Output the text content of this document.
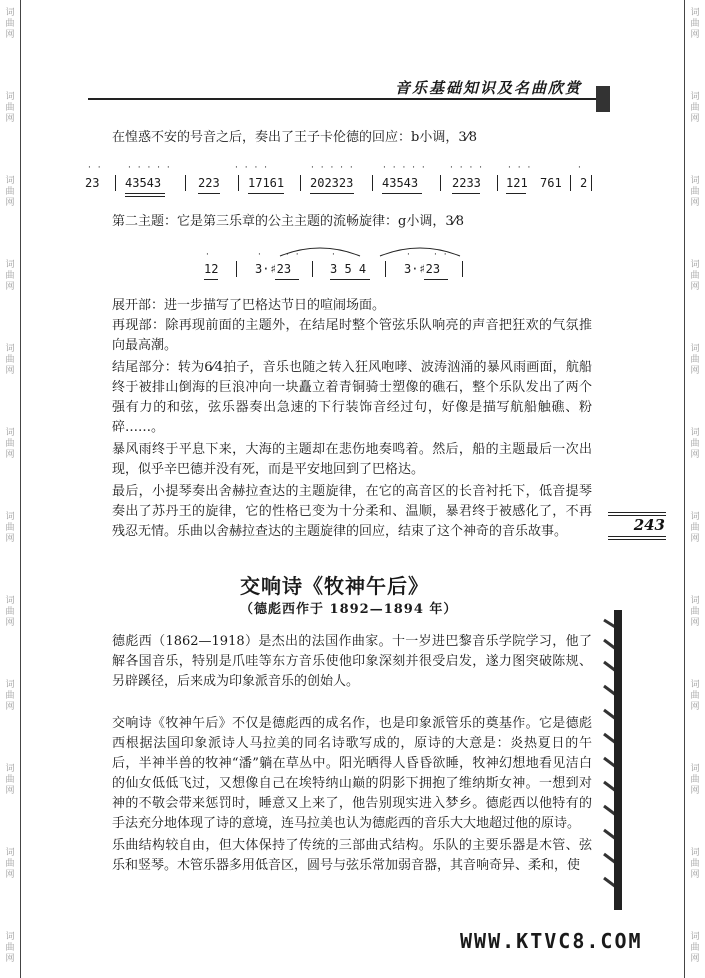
词
曲
网
词
曲
网
词
曲
网
词
曲
网
词
曲
网
词
曲
网
词
曲
网
词
曲
网
词
曲
网
词
曲
网
词
曲
网
词
曲
网
词
曲
网
词
曲
网
词
曲
网
词
曲
网
词
曲
网
词
曲
网
词
曲
网
词
曲
网
词
曲
网
词
曲
网
词
曲
网
词
曲
网
音乐基础知识及名曲欣赏

在惶惑不安的号音之后，奏出了王子卡伦德的回应：b小调，3⁄8

· ·	· · · · ·	· · · ·	· · · · ·	· · · · ·	· · · ·	· · ·	·
23 43543	223 17161 202323 43543	2233 121 761 2

第二主题：它是第三乐章的公主主题的流畅旋律：g小调，3⁄8

·	·	· ·	·	· · ·
12	3·♯23	3 5 4	3·♯23

展开部：进一步描写了巴格达节日的喧闹场面。

再现部：除再现前面的主题外，在结尾时整个管弦乐队响亮的声音把狂欢的气氛推向最高潮。

结尾部分：转为6⁄4拍子，音乐也随之转入狂风咆哮、波涛汹涌的暴风雨画面，航船终于被排山倒海的巨浪冲向一块矗立着青铜骑士塑像的礁石，整个乐队发出了两个强有力的和弦，弦乐器奏出急速的下行装饰音经过句，好像是描写航船触礁、粉碎……。

暴风雨终于平息下来，大海的主题却在悲伤地奏鸣着。然后，船的主题最后一次出现，似乎辛巴德并没有死，而是平安地回到了巴格达。

最后，小提琴奏出舍赫拉查达的主题旋律，在它的高音区的长音衬托下，低音提琴奏出了苏丹王的旋律，它的性格已变为十分柔和、温顺，暴君终于被感化了，不再残忍无情。乐曲以舍赫拉查达的主题旋律的回应，结束了这个神奇的音乐故事。	243
交响诗《牧神午后》
（德彪西作于 1892—1894 年）

德彪西（1862—1918）是杰出的法国作曲家。十一岁进巴黎音乐学院学习，他了解各国音乐，特别是爪哇等东方音乐使他印象深刻并很受启发，遂力图突破陈规、另辟蹊径，后来成为印象派音乐的创始人。

交响诗《牧神午后》不仅是德彪西的成名作，也是印象派管乐的奠基作。它是德彪西根据法国印象派诗人马拉美的同名诗歌写成的，原诗的大意是：炎热夏日的午后，半神半兽的牧神“潘”躺在草丛中。阳光晒得人昏昏欲睡，牧神幻想地看见洁白的仙女低低飞过，又想像自己在埃特纳山巅的阴影下拥抱了维纳斯女神。一想到对神的不敬会带来惩罚时，睡意又上来了，他告别现实进入梦乡。德彪西以他特有的手法充分地体现了诗的意境，连马拉美也认为德彪西的音乐大大地超过他的原诗。

乐曲结构较自由，但大体保持了传统的三部曲式结构。乐队的主要乐器是木管、弦乐和竖琴。木管乐器多用低音区，圆号与弦乐常加弱音器，其音响奇异、柔和，使

WWW.KTVC8.COM
